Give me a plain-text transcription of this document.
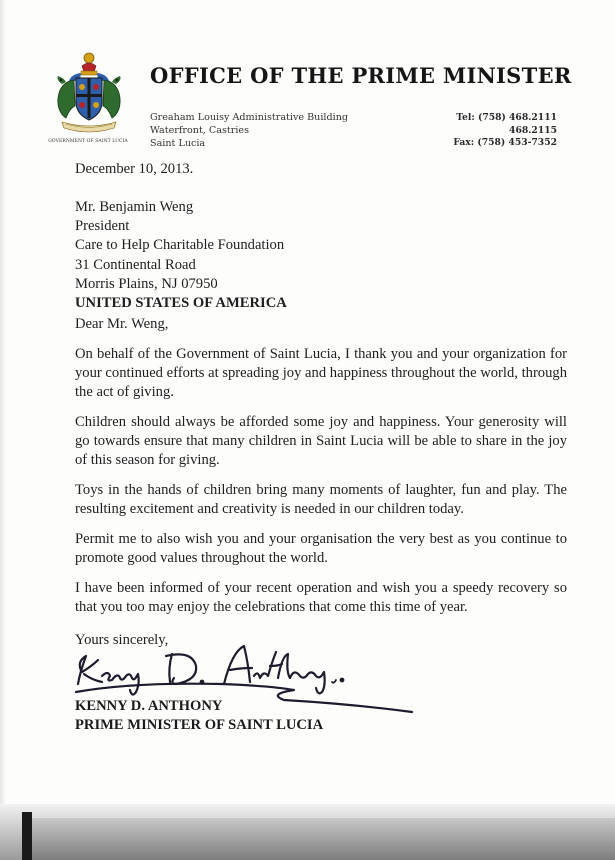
GOVERNMENT OF SAINT LUCIA
OFFICE OF THE PRIME MINISTER
Greaham Louisy Administrative Building
Waterfront, Castries
Saint Lucia
Tel: (758) 468.2111
468.2115
Fax: (758) 453-7352
December 10, 2013.
Mr. Benjamin Weng
President
Care to Help Charitable Foundation
31 Continental Road
Morris Plains, NJ 07950
UNITED STATES OF AMERICA
Dear Mr. Weng,
On behalf of the Government of Saint Lucia, I thank you and your organization for your continued efforts at spreading joy and happiness throughout the world, through the act of giving.
Children should always be afforded some joy and happiness. Your generosity will go towards ensure that many children in Saint Lucia will be able to share in the joy of this season for giving.
Toys in the hands of children bring many moments of laughter, fun and play. The resulting excitement and creativity is needed in our children today.
Permit me to also wish you and your organisation the very best as you continue to promote good values throughout the world.
I have been informed of your recent operation and wish you a speedy recovery so that you too may enjoy the celebrations that come this time of year.
Yours sincerely,
KENNY D. ANTHONY
PRIME MINISTER OF SAINT LUCIA
